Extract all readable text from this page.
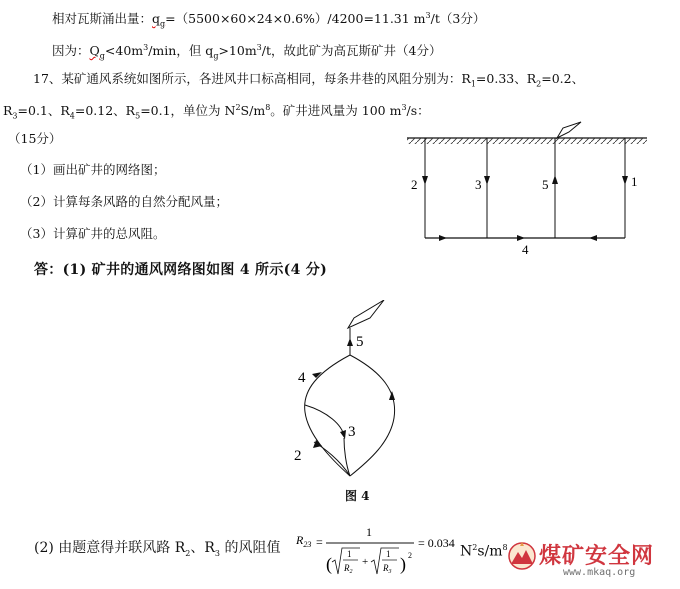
相对瓦斯涌出量：$q_g=(5500\times 60\times 24\times 0.6\%)/4200=11.31$ $m^3/t(3$分）
因为：$Q_g<40m^3/\min$，但 $q_g>10m^3/t$，故此矿为高瓦斯矿井（4分）
17、某矿通风系统如图所示，各进风井口标高相同，每条井巷的风阻分别为：$R_1=0.33$、$R_2=0.2$、
$R_3=0.1$、$R_4=0.12$、$R_5=0.1$，单位为 $N^2S/m^8$。矿井进风量为 100 $m^3/s$：
（15分）
（1）画出矿井的网络图；
（2）计算每条风路的自然分配风量；
（3）计算矿井的总风阻。
答：(1) 矿井的通风网络图如图 4 所示(4 分)
2	3	5	1
4
5
4
3
2
图 4
(2) 由题意得并联风路 $R_2$、$R_3$ 的风阻值 $R_{23}$ =
1
( 1
$R_2$
+
1
$R_3$ ) 2
= 0.034
$N^2s/m^8$ 煤矿安全网
www.mkaq.org
